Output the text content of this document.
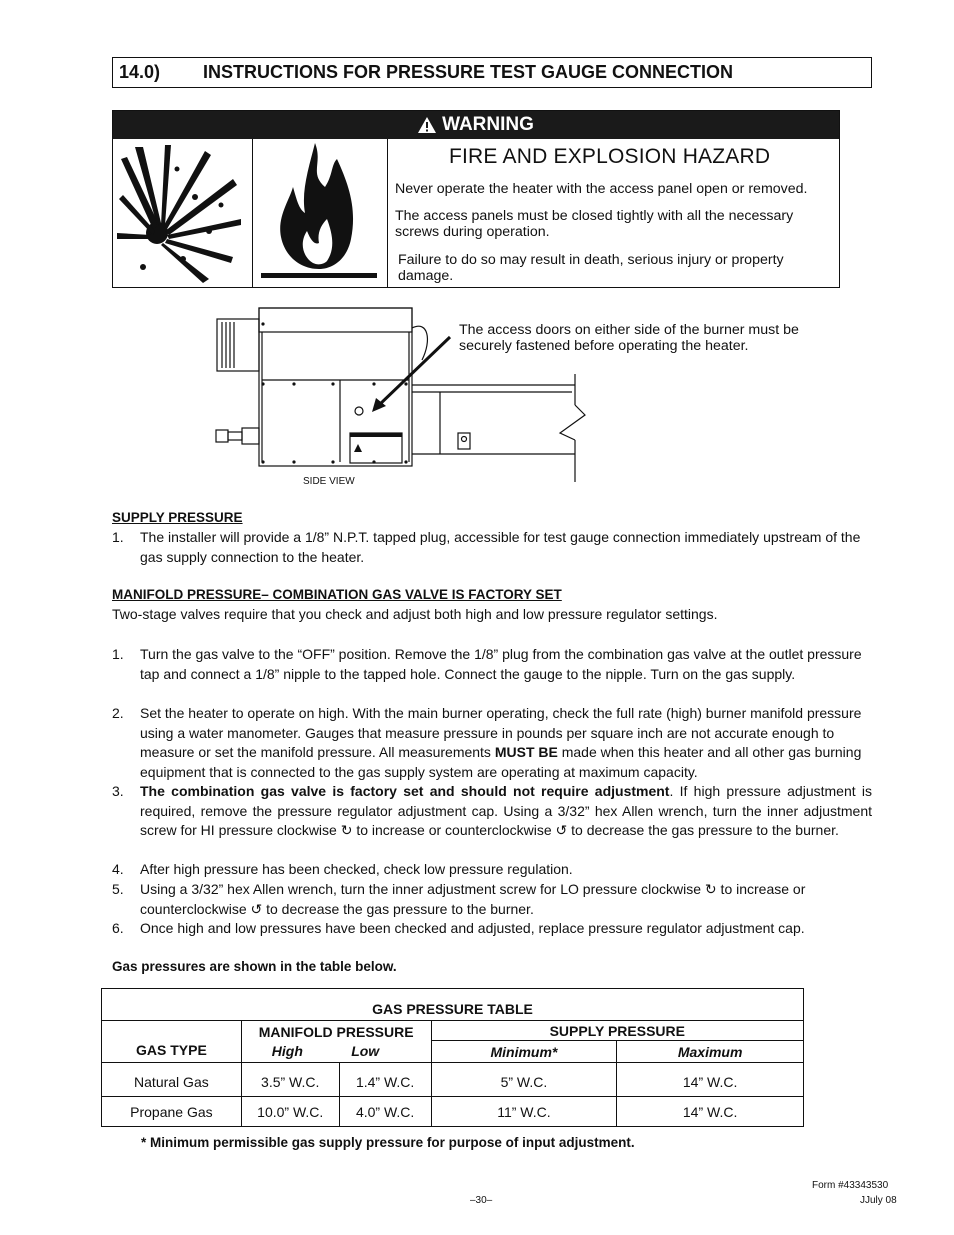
14.0)	INSTRUCTIONS FOR PRESSURE TEST GAUGE CONNECTION
WARNING
FIRE AND EXPLOSION HAZARD
Never operate the heater with the access panel open or removed.
The access panels must be closed tightly with all the necessary screws during operation.
Failure to do so may result in death, serious injury or property damage.
The access doors on either side of the burner must be securely fastened before operating the heater.
SIDE VIEW
SUPPLY PRESSURE
1. The installer will provide a 1/8” N.P.T. tapped plug, accessible for test gauge connection immediately upstream of the gas supply connection to the heater.
MANIFOLD PRESSURE– COMBINATION GAS VALVE IS FACTORY SET
Two-stage valves require that you check and adjust both high and low pressure regulator settings.
1. Turn the gas valve to the “OFF” position. Remove the 1/8” plug from the combination gas valve at the outlet pressure tap and connect a 1/8” nipple to the tapped hole. Connect the gauge to the nipple. Turn on the gas supply.
2. Set the heater to operate on high. With the main burner operating, check the full rate (high) burner manifold pressure using a water manometer. Gauges that measure pressure in pounds per square inch are not accurate enough to measure or set the manifold pressure. All measurements MUST BE made when this heater and all other gas burning equipment that is connected to the gas supply system are operating at maximum capacity.
3. The combination gas valve is factory set and should not require adjustment. If high pressure adjustment is required, remove the pressure regulator adjustment cap. Using a 3/32” hex Allen wrench, turn the inner adjustment screw for HI pressure clockwise ↻ to increase or counterclockwise ↺ to decrease the gas pressure to the burner.
4. After high pressure has been checked, check low pressure regulation.
5. Using a 3/32” hex Allen wrench, turn the inner adjustment screw for LO pressure clockwise ↻ to increase or counterclockwise ↺ to decrease the gas pressure to the burner.
6. Once high and low pressures have been checked and adjusted, replace pressure regulator adjustment cap.
Gas pressures are shown in the table below.
GAS PRESSURE TABLE				
GAS TYPE	MANIFOLD PRESSURE		SUPPLY PRESSURE	
	High	Low	Minimum*	Maximum
Natural Gas	3.5” W.C.	1.4” W.C.	5” W.C.	14” W.C.
Propane Gas	10.0” W.C.	4.0” W.C.	11” W.C.	14” W.C.
* Minimum permissible gas supply pressure for purpose of input adjustment.
Form #43343530
JJuly 08
–30–
